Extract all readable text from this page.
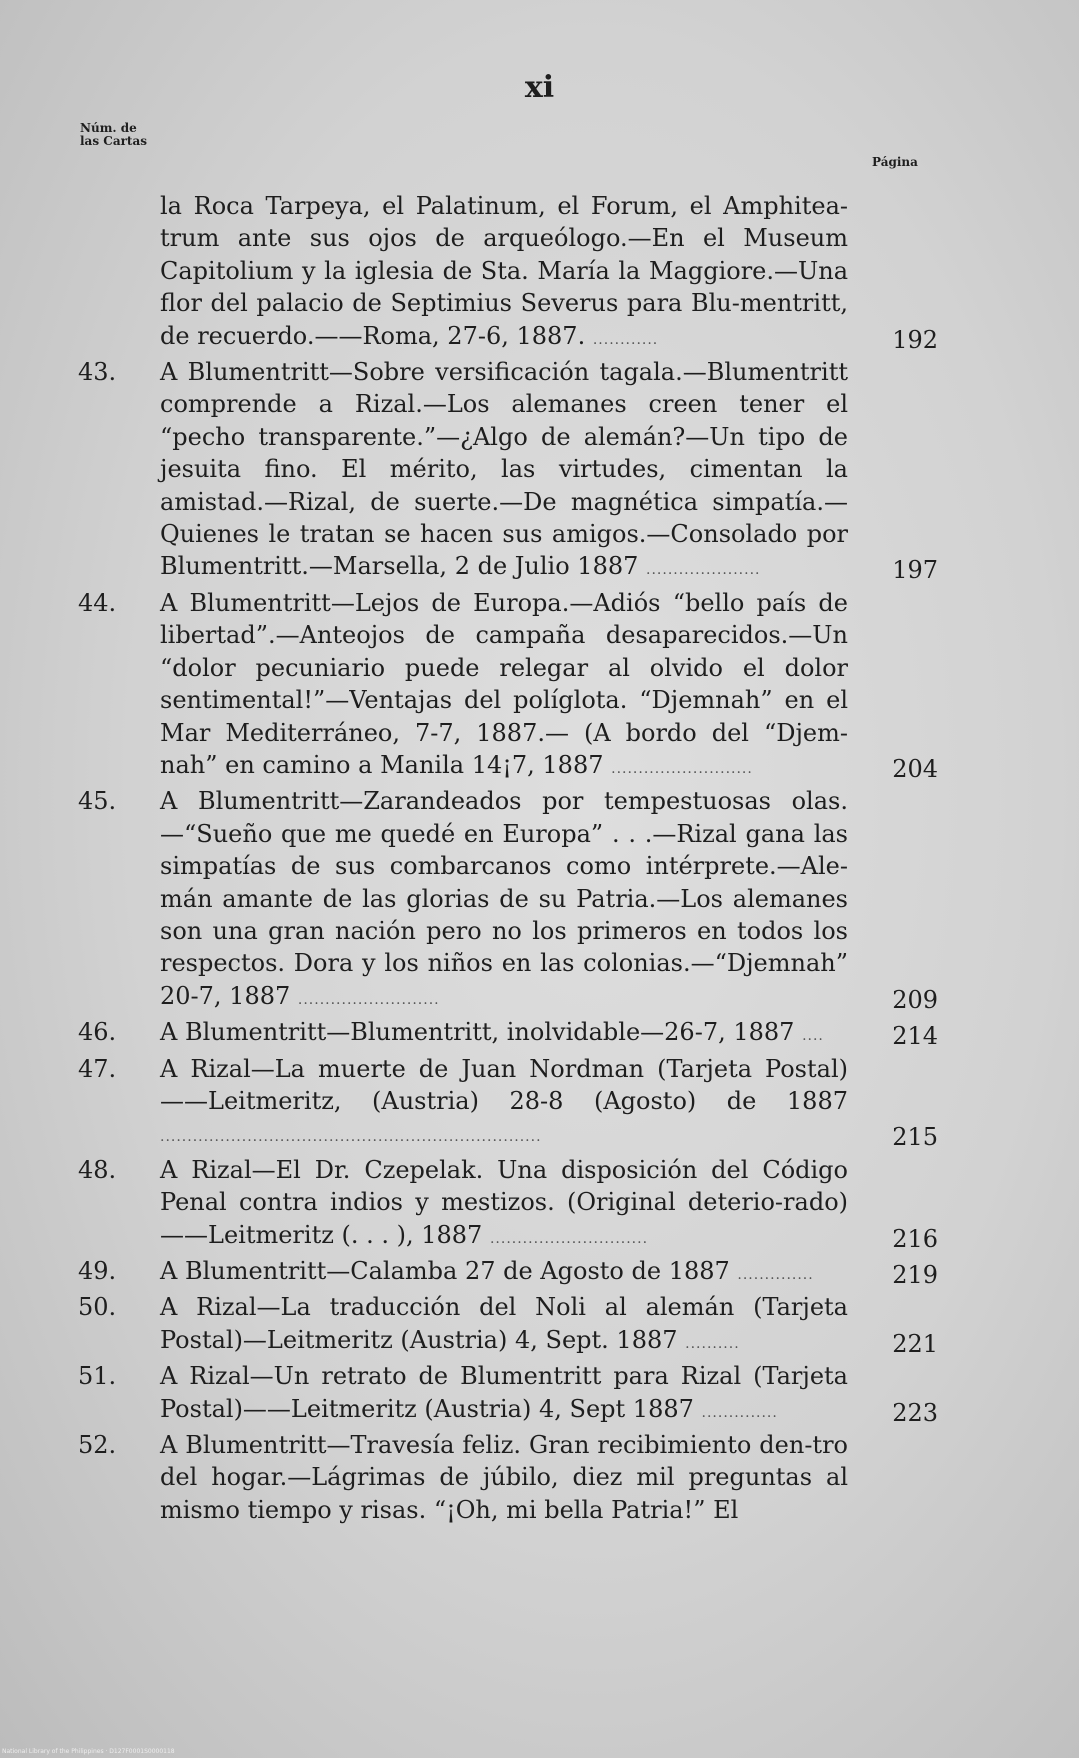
xi
Núm. de las Cartas
Página
la Roca Tarpeya, el Palatinum, el Forum, el Amphitea-trum ante sus ojos de arqueólogo.—En el Museum Capitolium y la iglesia de Sta. María la Maggiore.—Una flor del palacio de Septimius Severus para Blu-mentritt, de recuerdo.——Roma, 27-6, 1887. ............	192
43.	A Blumentritt—Sobre versificación tagala.—Blumentritt comprende a Rizal.—Los alemanes creen tener el “pecho transparente.”—¿Algo de alemán?—Un tipo de jesuita fino. El mérito, las virtudes, cimentan la amistad.—Rizal, de suerte.—De magnética simpatía.—Quienes le tratan se hacen sus amigos.—Consolado por Blumentritt.—Marsella, 2 de Julio 1887 .....................	197
44.	A Blumentritt—Lejos de Europa.—Adiós “bello país de libertad”.—Anteojos de campaña desaparecidos.—Un “dolor pecuniario puede relegar al olvido el dolor sentimental!”—Ventajas del políglota. “Djemnah” en el Mar Mediterráneo, 7-7, 1887.— (A bordo del “Djem-nah” en camino a Manila 14¡7, 1887 ..........................	204
45.	A Blumentritt—Zarandeados por tempestuosas olas.—“Sueño que me quedé en Europa” . . .—Rizal gana las simpatías de sus combarcanos como intérprete.—Ale-mán amante de las glorias de su Patria.—Los alemanes son una gran nación pero no los primeros en todos los respectos. Dora y los niños en las colonias.—“Djemnah” 20-7, 1887 ..........................	209
46.	A Blumentritt—Blumentritt, inolvidable—26-7, 1887 ....	214
47.	A Rizal—La muerte de Juan Nordman (Tarjeta Postal)——Leitmeritz, (Austria) 28-8 (Agosto) de 1887 ......................................................................	215
48.	A Rizal—El Dr. Czepelak. Una disposición del Código Penal contra indios y mestizos. (Original deterio-rado)——Leitmeritz (. . . ), 1887 .............................	216
49.	A Blumentritt—Calamba 27 de Agosto de 1887 ..............	219
50.	A Rizal—La traducción del Noli al alemán (Tarjeta Postal)—Leitmeritz (Austria) 4, Sept. 1887 ..........	221
51.	A Rizal—Un retrato de Blumentritt para Rizal (Tarjeta Postal)——Leitmeritz (Austria) 4, Sept 1887 ..............	223
52.	A Blumentritt—Travesía feliz. Gran recibimiento den-tro del hogar.—Lágrimas de júbilo, diez mil preguntas al mismo tiempo y risas. “¡Oh, mi bella Patria!” El
National Library of the Philippines · D127F0001S0000118
